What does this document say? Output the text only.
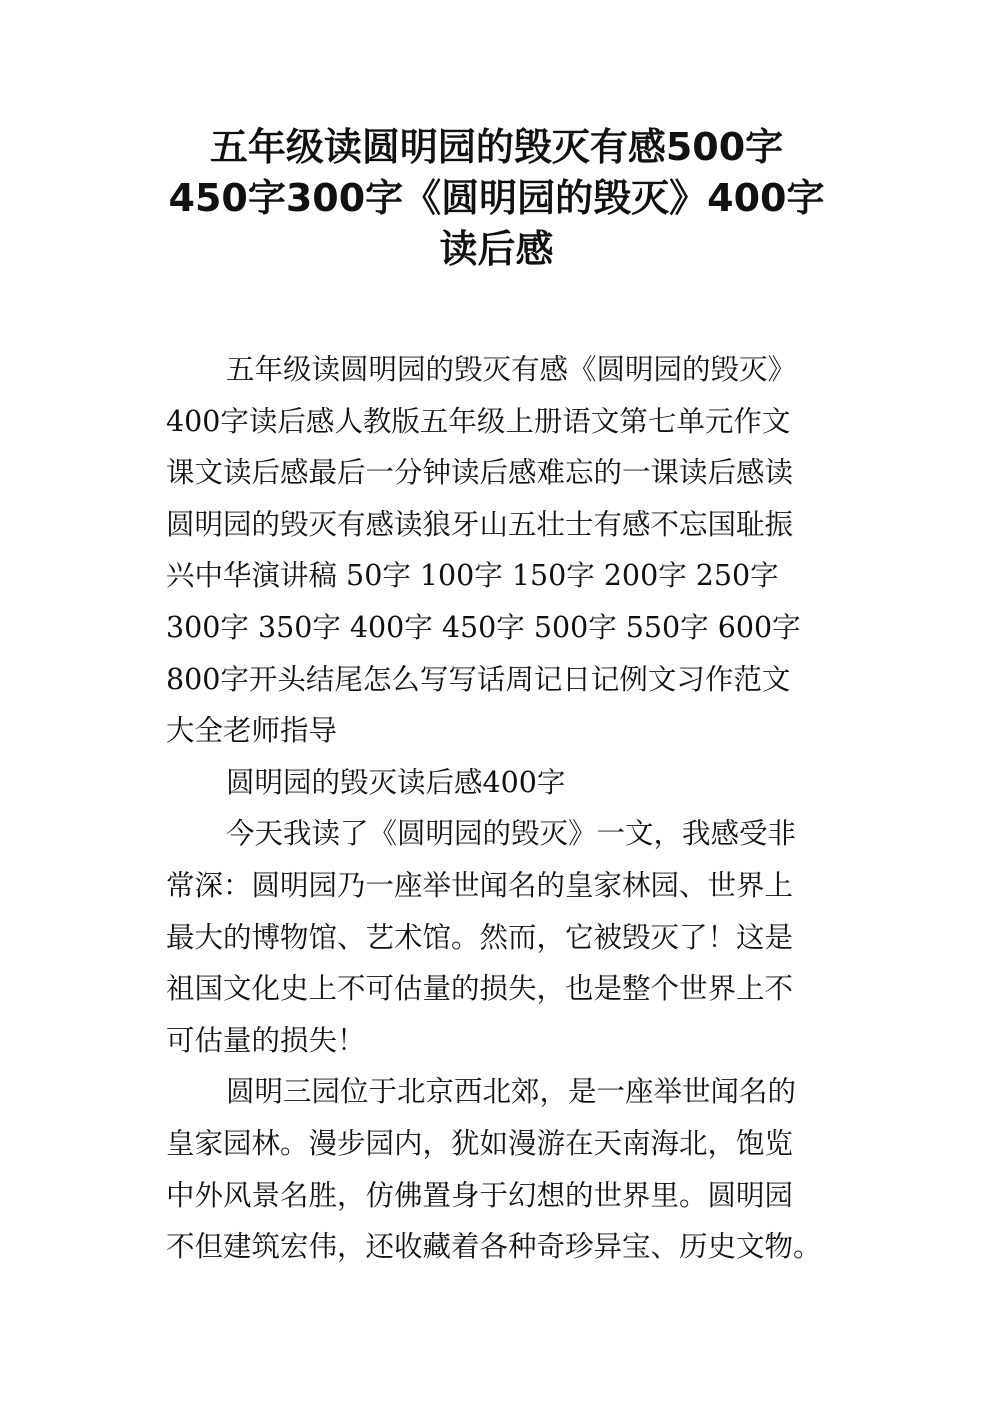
五年级读圆明园的毁灭有感500字
450字300字《圆明园的毁灭》400字
读后感

五年级读圆明园的毁灭有感《圆明园的毁灭》
400字读后感人教版五年级上册语文第七单元作文
课文读后感最后一分钟读后感难忘的一课读后感读
圆明园的毁灭有感读狼牙山五壮士有感不忘国耻振
兴中华演讲稿 50字 100字 150字 200字 250字
300字 350字 400字 450字 500字 550字 600字
800字开头结尾怎么写写话周记日记例文习作范文
大全老师指导

圆明园的毁灭读后感400字

今天我读了《圆明园的毁灭》一文，我感受非
常深：圆明园乃一座举世闻名的皇家林园、世界上
最大的博物馆、艺术馆。然而，它被毁灭了！这是
祖国文化史上不可估量的损失，也是整个世界上不
可估量的损失！

圆明三园位于北京西北郊，是一座举世闻名的
皇家园林。漫步园内，犹如漫游在天南海北，饱览
中外风景名胜，仿佛置身于幻想的世界里。圆明园
不但建筑宏伟，还收藏着各种奇珍异宝、历史文物。
